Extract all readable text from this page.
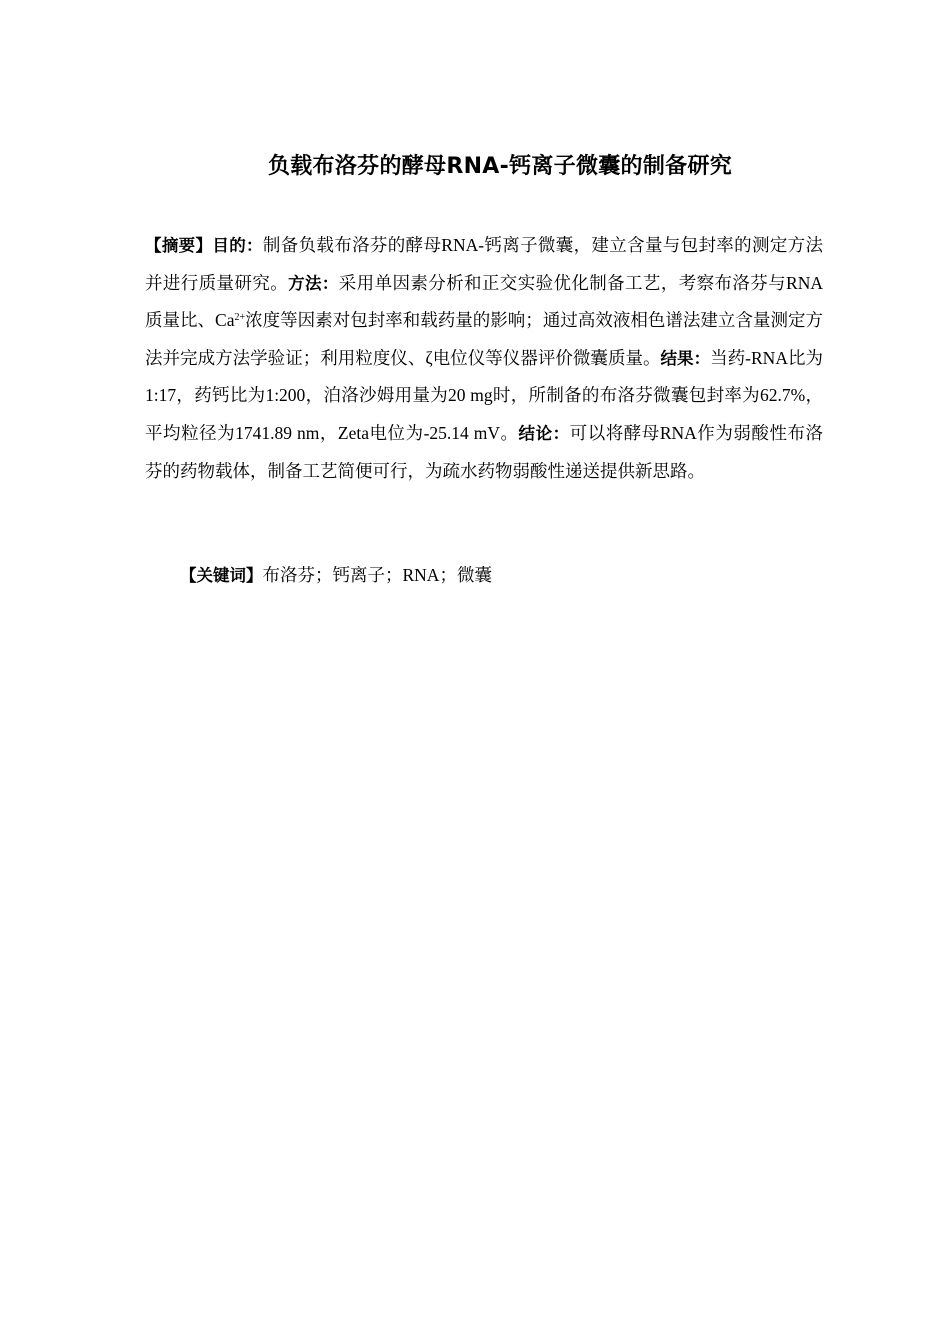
负载布洛芬的酵母RNA-钙离子微囊的制备研究
【摘要】目的：制备负载布洛芬的酵母RNA-钙离子微囊，建立含量与包封率的测定方法并进行质量研究。方法：采用单因素分析和正交实验优化制备工艺，考察布洛芬与RNA质量比、$Ca^{2+}$浓度等因素对包封率和载药量的影响；通过高效液相色谱法建立含量测定方法并完成方法学验证；利用粒度仪、ζ电位仪等仪器评价微囊质量。结果：当药-RNA比为1:17，药钙比为1:200，泊洛沙姆用量为20 mg时，所制备的布洛芬微囊包封率为62.7%，平均粒径为1741.89 nm，Zeta电位为-25.14 mV。结论：可以将酵母RNA作为弱酸性布洛芬的药物载体，制备工艺简便可行，为疏水药物弱酸性递送提供新思路。
【关键词】布洛芬；钙离子；RNA；微囊
